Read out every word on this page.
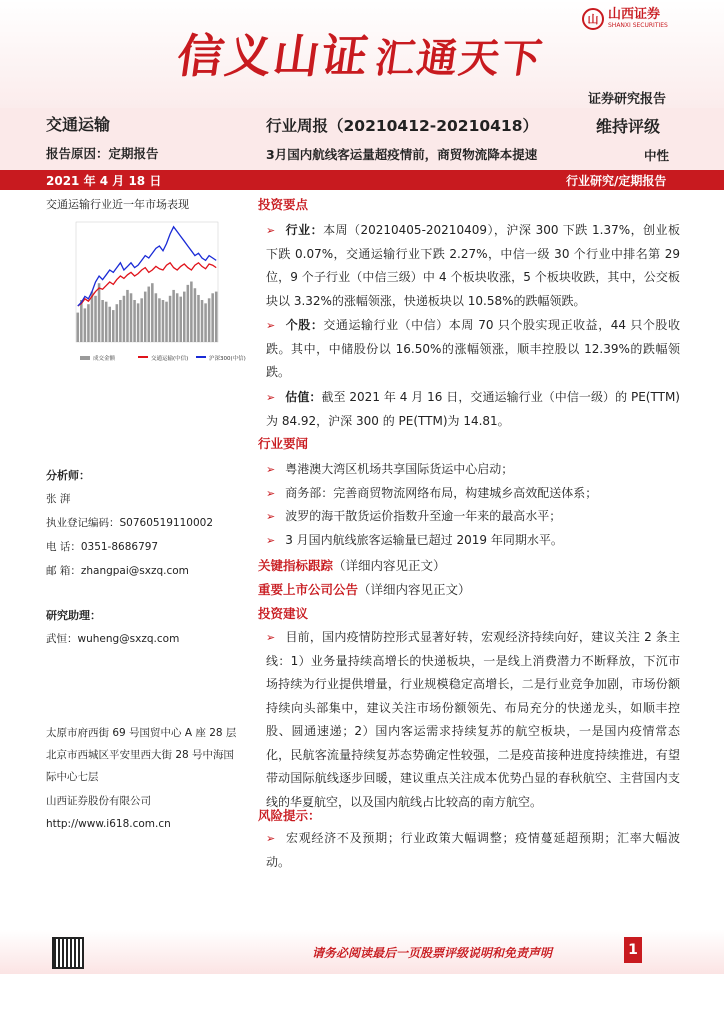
信义山证汇通天下
山 山西证券
SHANXI SECURITIES
证券研究报告
交通运输
报告原因：定期报告
行业周报（20210412-20210418）	维持评级
3月国内航线客运量超疫情前，商贸物流降本提速	中性
2021 年 4 月 18 日	行业研究/定期报告
交通运输行业近一年市场表现
成交金额	交通运输(中信)	沪深300(中信)
分析师：
张 湃
执业登记编码：S0760519110002
电 话：0351-8686797
邮 箱：zhangpai@sxzq.com
研究助理：
武恒：wuheng@sxzq.com
太原市府西街 69 号国贸中心 A 座 28 层
北京市西城区平安里西大街 28 号中海国
际中心七层
山西证券股份有限公司
http://www.i618.com.cn
投资要点
➢ 行业：本周（20210405-20210409），沪深 300 下跌 1.37%，创业板下跌 0.07%，交通运输行业下跌 2.27%，中信一级 30 个行业中排名第 29 位，9 个子行业（中信三级）中 4 个板块收涨，5 个板块收跌，其中，公交板块以 3.32%的涨幅领涨，快递板块以 10.58%的跌幅领跌。
➢ 个股：交通运输行业（中信）本周 70 只个股实现正收益，44 只个股收跌。其中，中储股份以 16.50%的涨幅领涨，顺丰控股以 12.39%的跌幅领跌。
➢ 估值：截至 2021 年 4 月 16 日，交通运输行业（中信一级）的 PE(TTM)为 84.92，沪深 300 的 PE(TTM)为 14.81。
行业要闻
➢ 粤港澳大湾区机场共享国际货运中心启动；
➢ 商务部：完善商贸物流网络布局，构建城乡高效配送体系；
➢ 波罗的海干散货运价指数升至逾一年来的最高水平；
➢ 3 月国内航线旅客运输量已超过 2019 年同期水平。
关键指标跟踪（详细内容见正文）
重要上市公司公告（详细内容见正文）
投资建议
➢ 目前，国内疫情防控形式显著好转，宏观经济持续向好，建议关注 2 条主线：1）业务量持续高增长的快递板块，一是线上消费潜力不断释放，下沉市场持续为行业提供增量，行业规模稳定高增长，二是行业竞争加剧，市场份额持续向头部集中，建议关注市场份额领先、布局充分的快递龙头，如顺丰控股、圆通速递；2）国内客运需求持续复苏的航空板块，一是国内疫情常态化，民航客流量持续复苏态势确定性较强，二是疫苗接种进度持续推进，有望带动国际航线逐步回暖，建议重点关注成本优势凸显的春秋航空、主营国内支线的华夏航空，以及国内航线占比较高的南方航空。
风险提示：
➢ 宏观经济不及预期；行业政策大幅调整；疫情蔓延超预期；汇率大幅波动。
请务必阅读最后一页股票评级说明和免责声明	1
